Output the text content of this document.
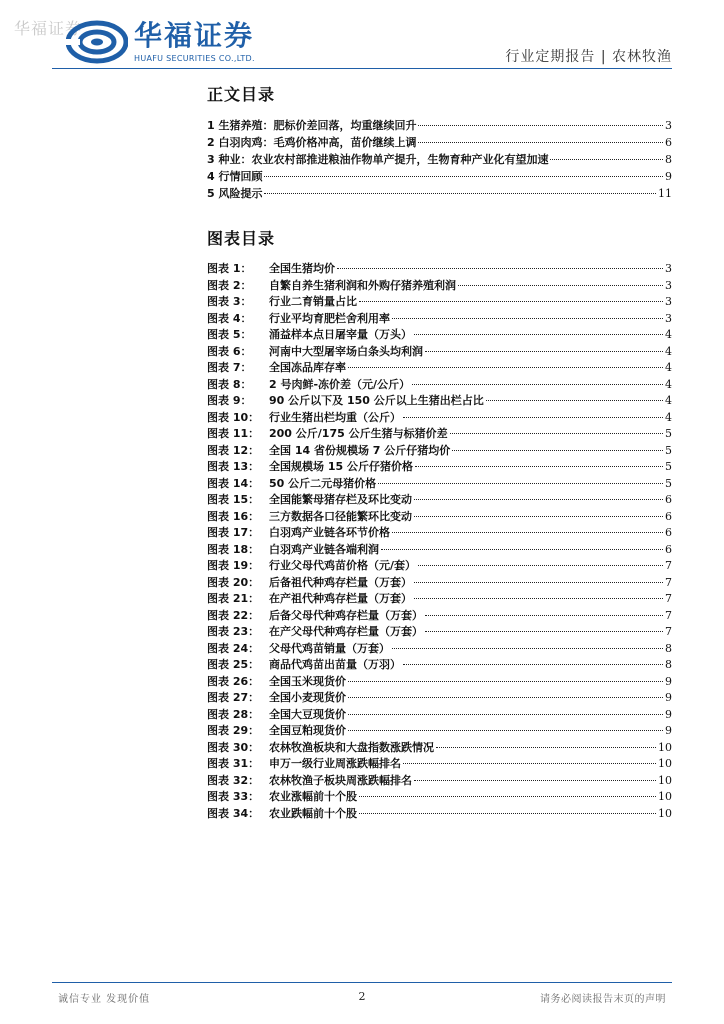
华福证券 华福证券
HUAFU SECURITIES CO.,LTD.	行业定期报告 | 农林牧渔
正文目录
1 生猪养殖：肥标价差回落，均重继续回升	3
2 白羽肉鸡：毛鸡价格冲高，苗价继续上调	6
3 种业：农业农村部推进粮油作物单产提升，生物育种产业化有望加速	8
4 行情回顾	9
5 风险提示	11
图表目录
图表 1： 全国生猪均价	3
图表 2： 自繁自养生猪利润和外购仔猪养殖利润	3
图表 3： 行业二育销量占比	3
图表 4： 行业平均育肥栏舍利用率	3
图表 5： 涌益样本点日屠宰量（万头）	4
图表 6： 河南中大型屠宰场白条头均利润	4
图表 7： 全国冻品库存率	4
图表 8： 2 号肉鲜-冻价差（元/公斤）	4
图表 9： 90 公斤以下及 150 公斤以上生猪出栏占比	4
图表 10： 行业生猪出栏均重（公斤）	4
图表 11： 200 公斤/175 公斤生猪与标猪价差	5
图表 12： 全国 14 省份规模场 7 公斤仔猪均价	5
图表 13： 全国规模场 15 公斤仔猪价格	5
图表 14： 50 公斤二元母猪价格	5
图表 15： 全国能繁母猪存栏及环比变动	6
图表 16： 三方数据各口径能繁环比变动	6
图表 17： 白羽鸡产业链各环节价格	6
图表 18： 白羽鸡产业链各端利润	6
图表 19： 行业父母代鸡苗价格（元/套）	7
图表 20： 后备祖代种鸡存栏量（万套）	7
图表 21： 在产祖代种鸡存栏量（万套）	7
图表 22： 后备父母代种鸡存栏量（万套）	7
图表 23： 在产父母代种鸡存栏量（万套）	7
图表 24： 父母代鸡苗销量（万套）	8
图表 25： 商品代鸡苗出苗量（万羽）	8
图表 26： 全国玉米现货价	9
图表 27： 全国小麦现货价	9
图表 28： 全国大豆现货价	9
图表 29： 全国豆粕现货价	9
图表 30： 农林牧渔板块和大盘指数涨跌情况	10
图表 31： 申万一级行业周涨跌幅排名	10
图表 32： 农林牧渔子板块周涨跌幅排名	10
图表 33： 农业涨幅前十个股	10
图表 34： 农业跌幅前十个股	10
诚信专业 发现价值	2	请务必阅读报告末页的声明
